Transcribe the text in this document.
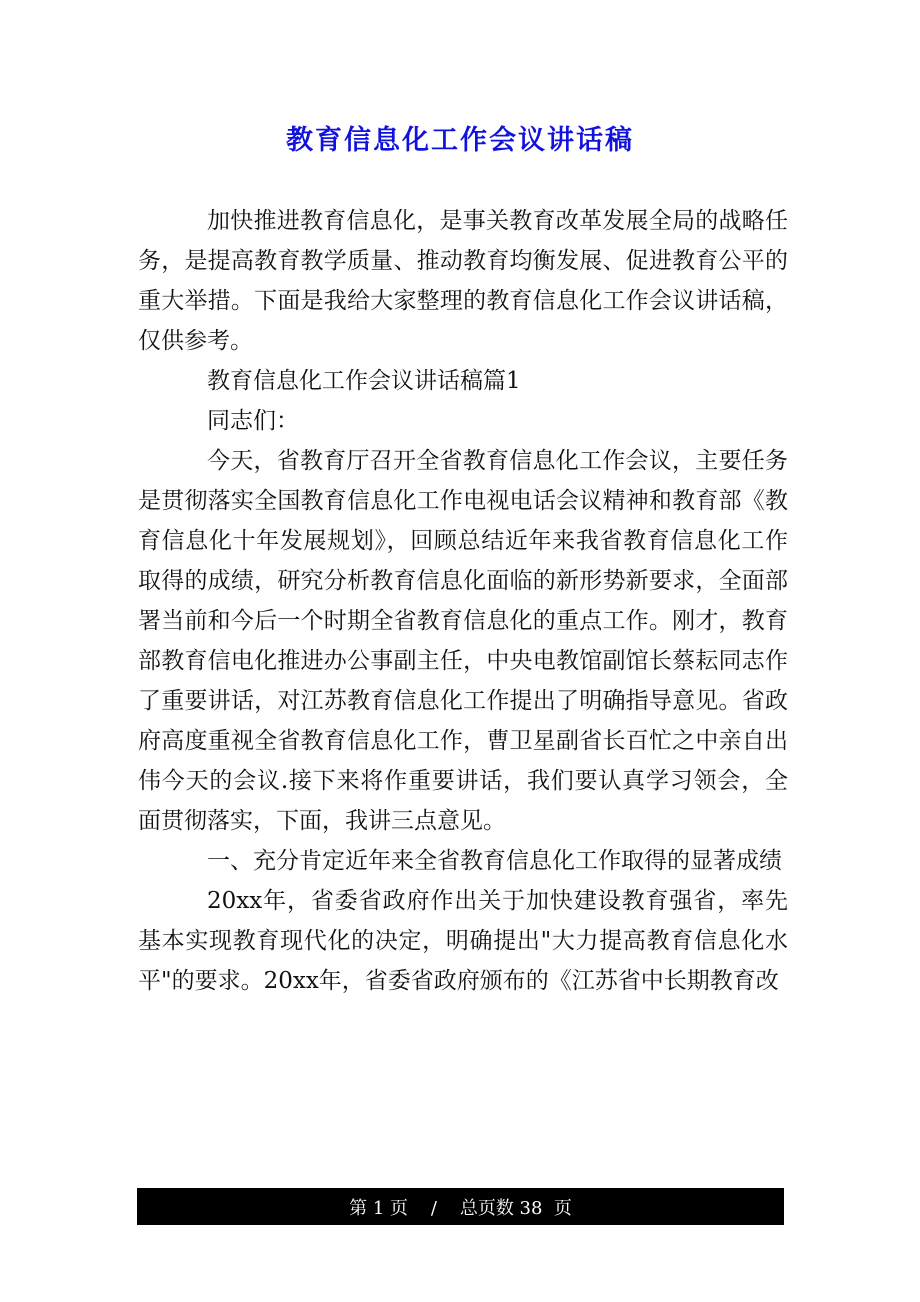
教育信息化工作会议讲话稿

加快推进教育信息化，是事关教育改革发展全局的战略任务，是提高教育教学质量、推动教育均衡发展、促进教育公平的重大举措。下面是我给大家整理的教育信息化工作会议讲话稿，仅供参考。

教育信息化工作会议讲话稿篇1

同志们：

今天，省教育厅召开全省教育信息化工作会议，主要任务是贯彻落实全国教育信息化工作电视电话会议精神和教育部《教育信息化十年发展规划》，回顾总结近年来我省教育信息化工作取得的成绩，研究分析教育信息化面临的新形势新要求，全面部署当前和今后一个时期全省教育信息化的重点工作。刚才，教育部教育信电化推进办公事副主任，中央电教馆副馆长蔡耘同志作了重要讲话，对江苏教育信息化工作提出了明确指导意见。省政府高度重视全省教育信息化工作，曹卫星副省长百忙之中亲自出伟今天的会议.接下来将作重要讲话，我们要认真学习领会，全面贯彻落实，下面，我讲三点意见。

一、充分肯定近年来全省教育信息化工作取得的显著成绩

20xx年，省委省政府作出关于加快建设教育强省，率先基本实现教育现代化的决定，明确提出"大力提高教育信息化水平"的要求。20xx年，省委省政府颁布的《江苏省中长期教育改

第 1 页    /    总页数 38  页
